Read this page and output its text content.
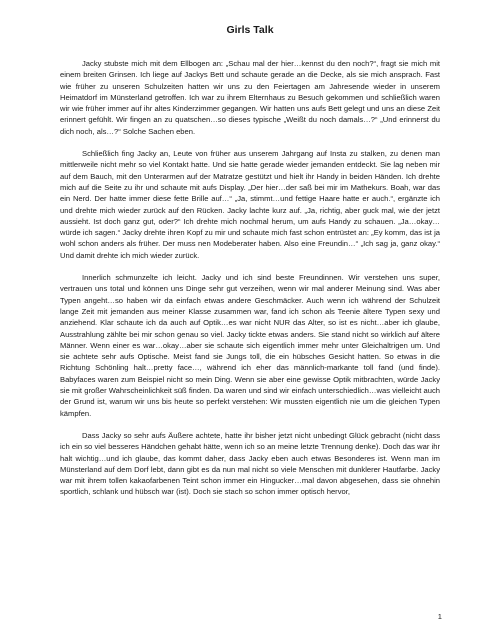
Girls Talk

Jacky stubste mich mit dem Ellbogen an: „Schau mal der hier…kennst du den noch?“, fragt sie mich mit einem breiten Grinsen. Ich liege auf Jackys Bett und schaute gerade an die Decke, als sie mich ansprach. Fast wie früher zu unseren Schulzeiten hatten wir uns zu den Feiertagen am Jahresende wieder in unserem Heimatdorf im Münsterland getroffen. Ich war zu ihrem Elternhaus zu Besuch gekommen und schließlich waren wir wie früher immer auf ihr altes Kinderzimmer gegangen. Wir hatten uns aufs Bett gelegt und uns an diese Zeit erinnert gefühlt. Wir fingen an zu quatschen…so dieses typische „Weißt du noch damals…?“ „Und erinnerst du dich noch, als…?“ Solche Sachen eben.

Schließlich fing Jacky an, Leute von früher aus unserem Jahrgang auf Insta zu stalken, zu denen man mittlerweile nicht mehr so viel Kontakt hatte. Und sie hatte gerade wieder jemanden entdeckt. Sie lag neben mir auf dem Bauch, mit den Unterarmen auf der Matratze gestützt und hielt ihr Handy in beiden Händen. Ich drehte mich auf die Seite zu ihr und schaute mit aufs Display. „Der hier…der saß bei mir im Mathekurs. Boah, war das ein Nerd. Der hatte immer diese fette Brille auf…“ „Ja, stimmt…und fettige Haare hatte er auch.“, ergänzte ich und drehte mich wieder zurück auf den Rücken. Jacky lachte kurz auf. „Ja, richtig, aber guck mal, wie der jetzt aussieht. Ist doch ganz gut, oder?“ Ich drehte mich nochmal herum, um aufs Handy zu schauen. „Ja…okay…würde ich sagen.“ Jacky drehte ihren Kopf zu mir und schaute mich fast schon entrüstet an: „Ey komm, das ist ja wohl schon anders als früher. Der muss nen Modeberater haben. Also eine Freundin…“ „Ich sag ja, ganz okay.“ Und damit drehte ich mich wieder zurück.

Innerlich schmunzelte ich leicht. Jacky und ich sind beste Freundinnen. Wir verstehen uns super, vertrauen uns total und können uns Dinge sehr gut verzeihen, wenn wir mal anderer Meinung sind. Was aber Typen angeht…so haben wir da einfach etwas andere Geschmäcker. Auch wenn ich während der Schulzeit lange Zeit mit jemanden aus meiner Klasse zusammen war, fand ich schon als Teenie ältere Typen sexy und anziehend. Klar schaute ich da auch auf Optik…es war nicht NUR das Alter, so ist es nicht…aber ich glaube, Ausstrahlung zählte bei mir schon genau so viel. Jacky tickte etwas anders. Sie stand nicht so wirklich auf ältere Männer. Wenn einer es war…okay…aber sie schaute sich eigentlich immer mehr unter Gleichaltrigen um. Und sie achtete sehr aufs Optische. Meist fand sie Jungs toll, die ein hübsches Gesicht hatten. So etwas in die Richtung Schönling halt…pretty face…, während ich eher das männlich-markante toll fand (und finde). Babyfaces waren zum Beispiel nicht so mein Ding. Wenn sie aber eine gewisse Optik mitbrachten, würde Jacky sie mit großer Wahrscheinlichkeit süß finden. Da waren und sind wir einfach unterschiedlich…was vielleicht auch der Grund ist, warum wir uns bis heute so perfekt verstehen: Wir mussten eigentlich nie um die gleichen Typen kämpfen.

Dass Jacky so sehr aufs Äußere achtete, hatte ihr bisher jetzt nicht unbedingt Glück gebracht (nicht dass ich ein so viel besseres Händchen gehabt hätte, wenn ich so an meine letzte Trennung denke). Doch das war ihr halt wichtig…und ich glaube, das kommt daher, dass Jacky eben auch etwas Besonderes ist. Wenn man im Münsterland auf dem Dorf lebt, dann gibt es da nun mal nicht so viele Menschen mit dunklerer Hautfarbe. Jacky war mit ihrem tollen kakaofarbenen Teint schon immer ein Hingucker…mal davon abgesehen, dass sie ohnehin sportlich, schlank und hübsch war (ist). Doch sie stach so schon immer optisch hervor,

1
